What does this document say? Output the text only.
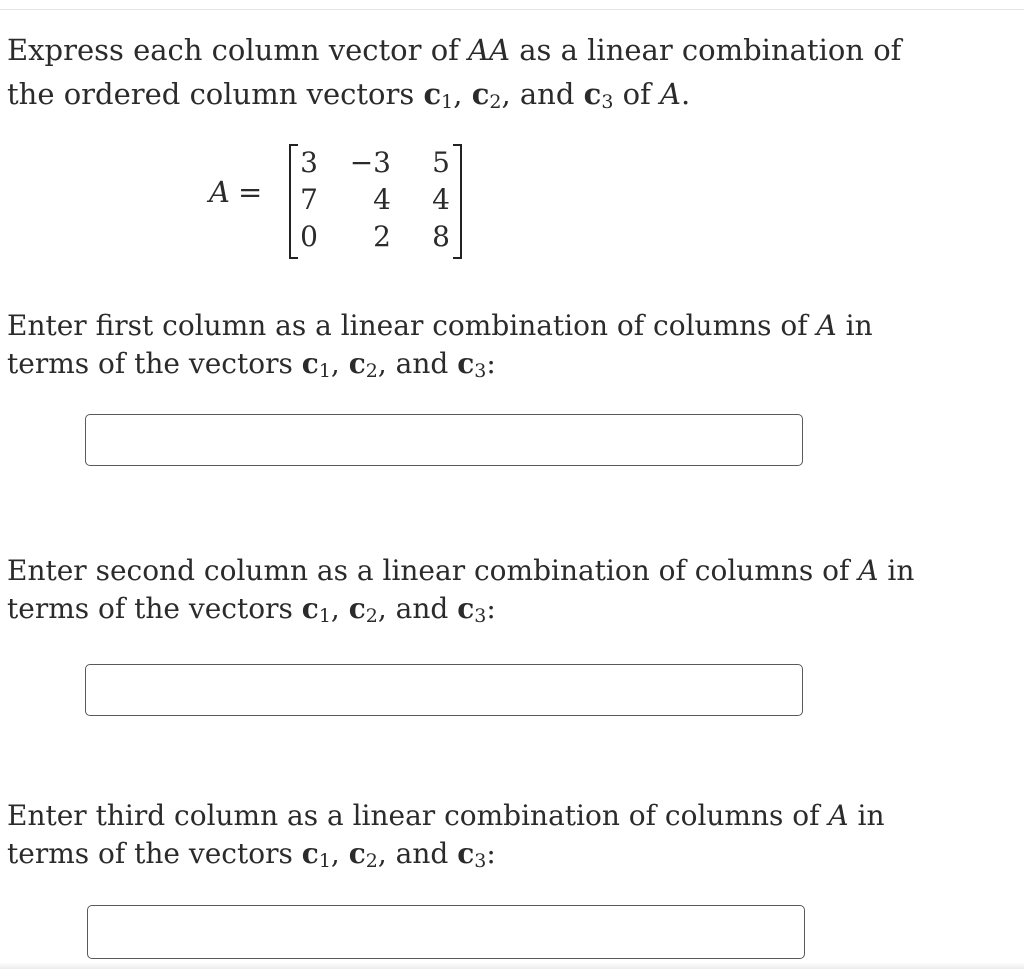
Express each column vector of AA as a linear combination of
the ordered column vectors $c_1$, $c_2$, and $c_3$ of A.
A =
3 −3 5
7 4 4
0 2 8
Enter first column as a linear combination of columns of A in
terms of the vectors $c_1$, $c_2$, and $c_3$:
Enter second column as a linear combination of columns of A in
terms of the vectors $c_1$, $c_2$, and $c_3$:
Enter third column as a linear combination of columns of A in
terms of the vectors $c_1$, $c_2$, and $c_3$:
